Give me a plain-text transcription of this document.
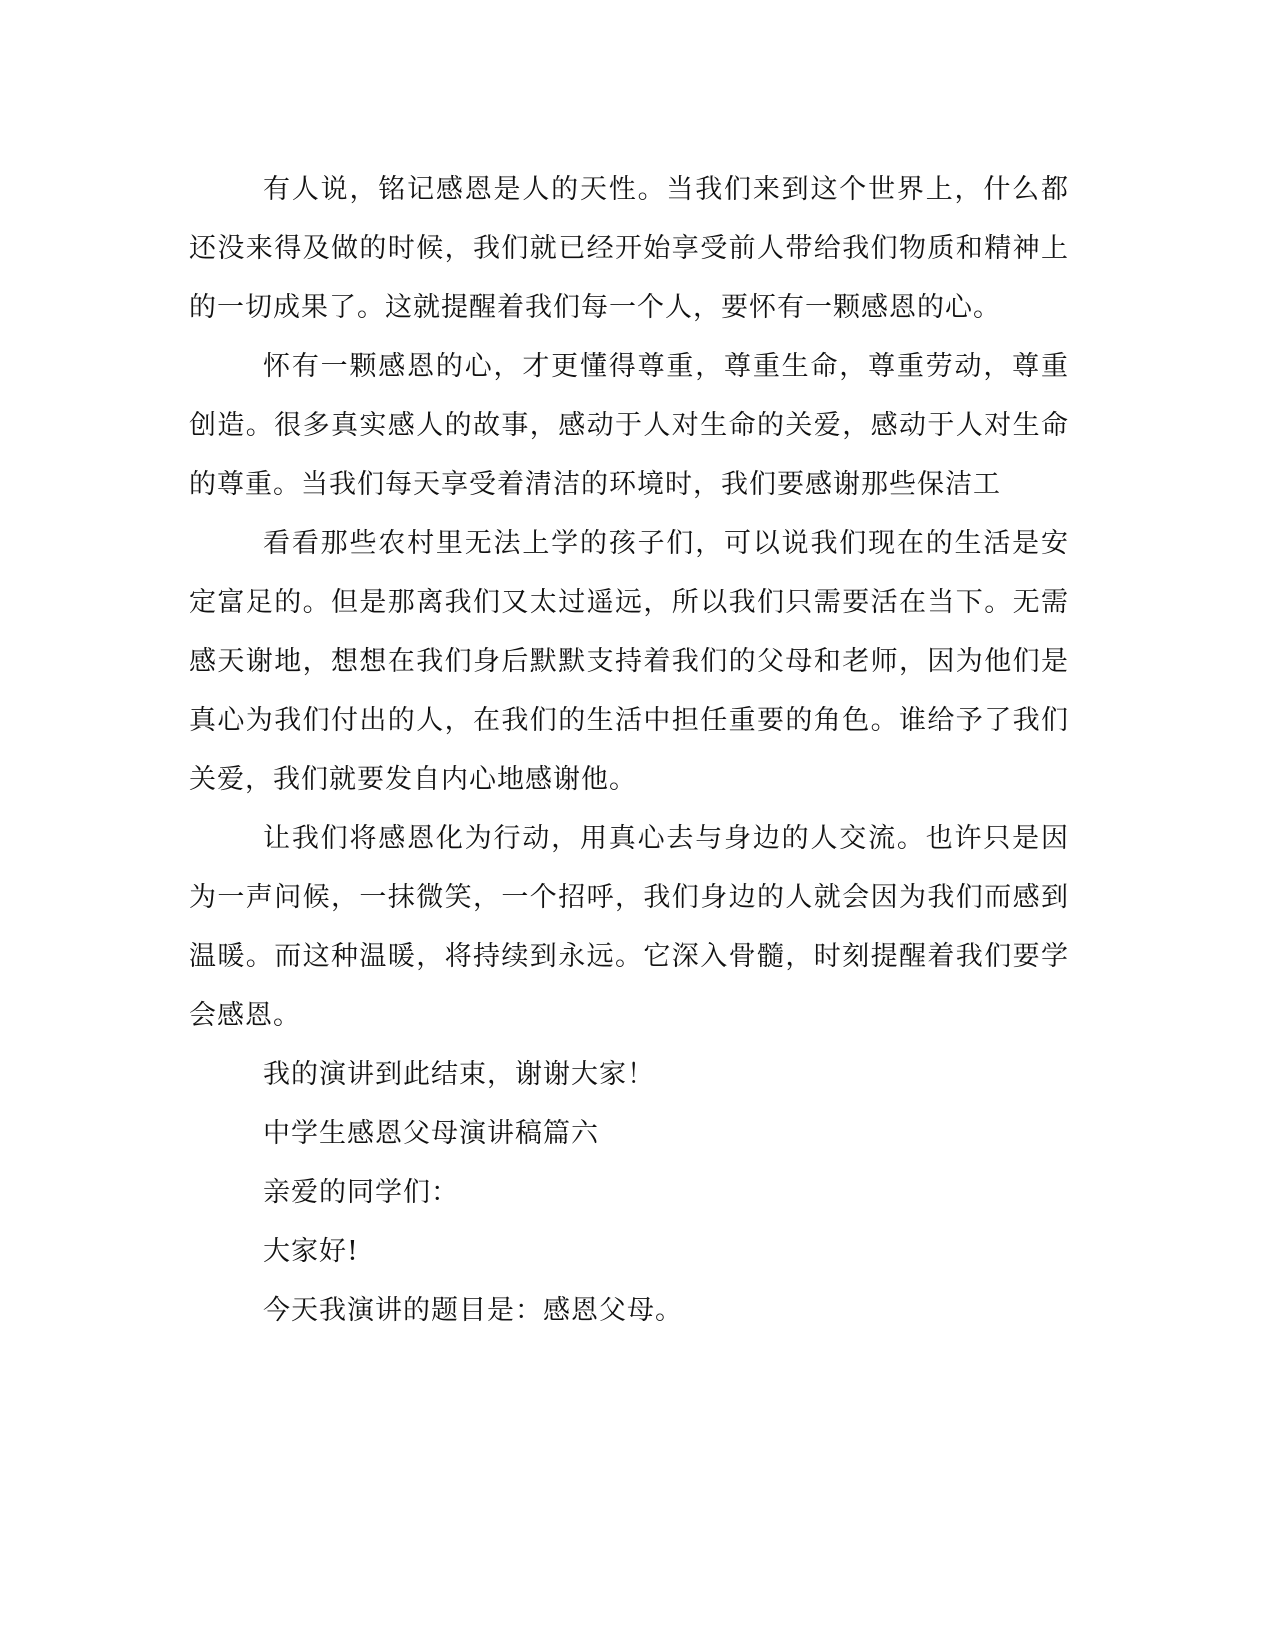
有人说，铭记感恩是人的天性。当我们来到这个世界上，什么都还没来得及做的时候，我们就已经开始享受前人带给我们物质和精神上的一切成果了。这就提醒着我们每一个人，要怀有一颗感恩的心。

怀有一颗感恩的心，才更懂得尊重，尊重生命，尊重劳动，尊重创造。很多真实感人的故事，感动于人对生命的关爱，感动于人对生命的尊重。当我们每天享受着清洁的环境时，我们要感谢那些保洁工

看看那些农村里无法上学的孩子们，可以说我们现在的生活是安定富足的。但是那离我们又太过遥远，所以我们只需要活在当下。无需感天谢地，想想在我们身后默默支持着我们的父母和老师，因为他们是真心为我们付出的人，在我们的生活中担任重要的角色。谁给予了我们关爱，我们就要发自内心地感谢他。

让我们将感恩化为行动，用真心去与身边的人交流。也许只是因为一声问候，一抹微笑，一个招呼，我们身边的人就会因为我们而感到温暖。而这种温暖，将持续到永远。它深入骨髓，时刻提醒着我们要学会感恩。

我的演讲到此结束，谢谢大家！

中学生感恩父母演讲稿篇六

亲爱的同学们：

大家好!

今天我演讲的题目是：感恩父母。
